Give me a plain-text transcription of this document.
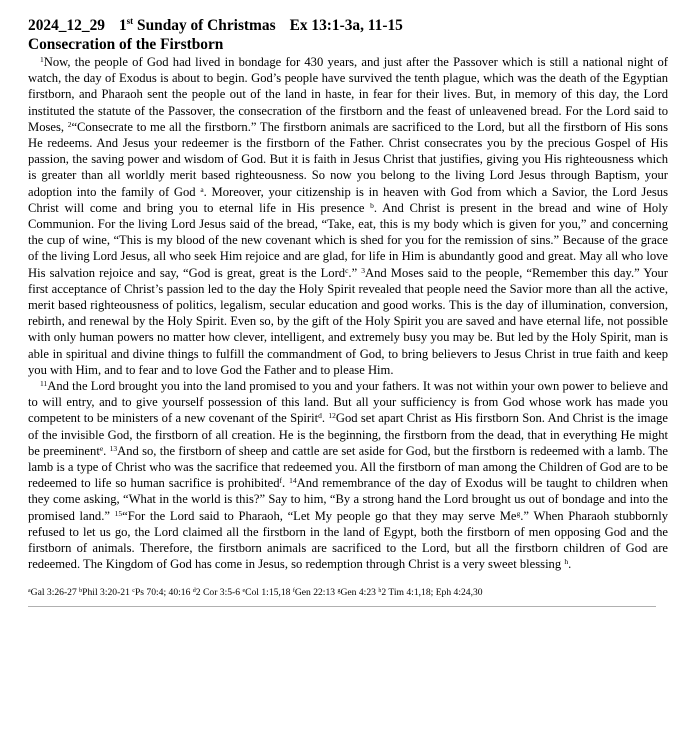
2024_12_29 1st Sunday of Christmas Ex 13:1-3a, 11-15
Consecration of the Firstborn

$^1$Now, the people of God had lived in bondage for 430 years, and just after the Passover which is still a national night of watch, the day of Exodus is about to begin. God’s people have survived the tenth plague, which was the death of the Egyptian firstborn, and Pharaoh sent the people out of the land in haste, in fear for their lives. But, in memory of this day, the Lord instituted the statute of the Passover, the consecration of the firstborn and the feast of unleavened bread. For the Lord said to Moses, $^2$“Consecrate to me all the firstborn.” The firstborn animals are sacrificed to the Lord, but all the firstborn of His sons He redeems. And Jesus your redeemer is the firstborn of the Father. Christ consecrates you by the precious Gospel of His passion, the saving power and wisdom of God. But it is faith in Jesus Christ that justifies, giving you His righteousness which is greater than all worldly merit based righteousness. So now you belong to the living Lord Jesus through Baptism, your adoption into the family of God $^a$. Moreover, your citizenship is in heaven with God from which a Savior, the Lord Jesus Christ will come and bring you to eternal life in His presence $^b$. And Christ is present in the bread and wine of Holy Communion. For the living Lord Jesus said of the bread, “Take, eat, this is my body which is given for you,” and concerning the cup of wine, “This is my blood of the new covenant which is shed for you for the remission of sins.” Because of the grace of the living Lord Jesus, all who seek Him rejoice and are glad, for life in Him is abundantly good and great. May all who love His salvation rejoice and say, “God is great, great is the Lord$^c$.” $^3$And Moses said to the people, “Remember this day.” Your first acceptance of Christ’s passion led to the day the Holy Spirit revealed that people need the Savior more than all the active, merit based righteousness of politics, legalism, secular education and good works. This is the day of illumination, conversion, rebirth, and renewal by the Holy Spirit. Even so, by the gift of the Holy Spirit you are saved and have eternal life, not possible with only human powers no matter how clever, intelligent, and extremely busy you may be. But led by the Holy Spirit, man is able in spiritual and divine things to fulfill the commandment of God, to bring believers to Jesus Christ in true faith and keep you with Him, and to fear and to love God the Father and to please Him.

$^{11}$And the Lord brought you into the land promised to you and your fathers. It was not within your own power to believe and to will entry, and to give yourself possession of this land. But all your sufficiency is from God whose work has made you competent to be ministers of a new covenant of the Spirit$^d$. $^{12}$God set apart Christ as His firstborn Son. And Christ is the image of the invisible God, the firstborn of all creation. He is the beginning, the firstborn from the dead, that in everything He might be preeminent$^e$. $^{13}$And so, the firstborn of sheep and cattle are set aside for God, but the firstborn is redeemed with a lamb. The lamb is a type of Christ who was the sacrifice that redeemed you. All the firstborn of man among the Children of God are to be redeemed to life so human sacrifice is prohibited$^f$. $^{14}$And remembrance of the day of Exodus will be taught to children when they come asking, “What in the world is this?” Say to him, “By a strong hand the Lord brought us out of bondage and into the promised land.” $^{15}$“For the Lord said to Pharaoh, “Let My people go that they may serve Me$^g$.” When Pharaoh stubbornly refused to let us go, the Lord claimed all the firstborn in the land of Egypt, both the firstborn of men opposing God and the firstborn of animals. Therefore, the firstborn animals are sacrificed to the Lord, but all the firstborn children of God are redeemed. The Kingdom of God has come in Jesus, so redemption through Christ is a very sweet blessing $^h$.

$^a$Gal 3:26-27 $^b$Phil 3:20-21 $^c$Ps 70:4; 40:16 $^d$2 Cor 3:5-6 $^e$Col 1:15,18 $^f$Gen 22:13 $^g$Gen 4:23 $^h$2 Tim 4:1,18; Eph 4:24,30
